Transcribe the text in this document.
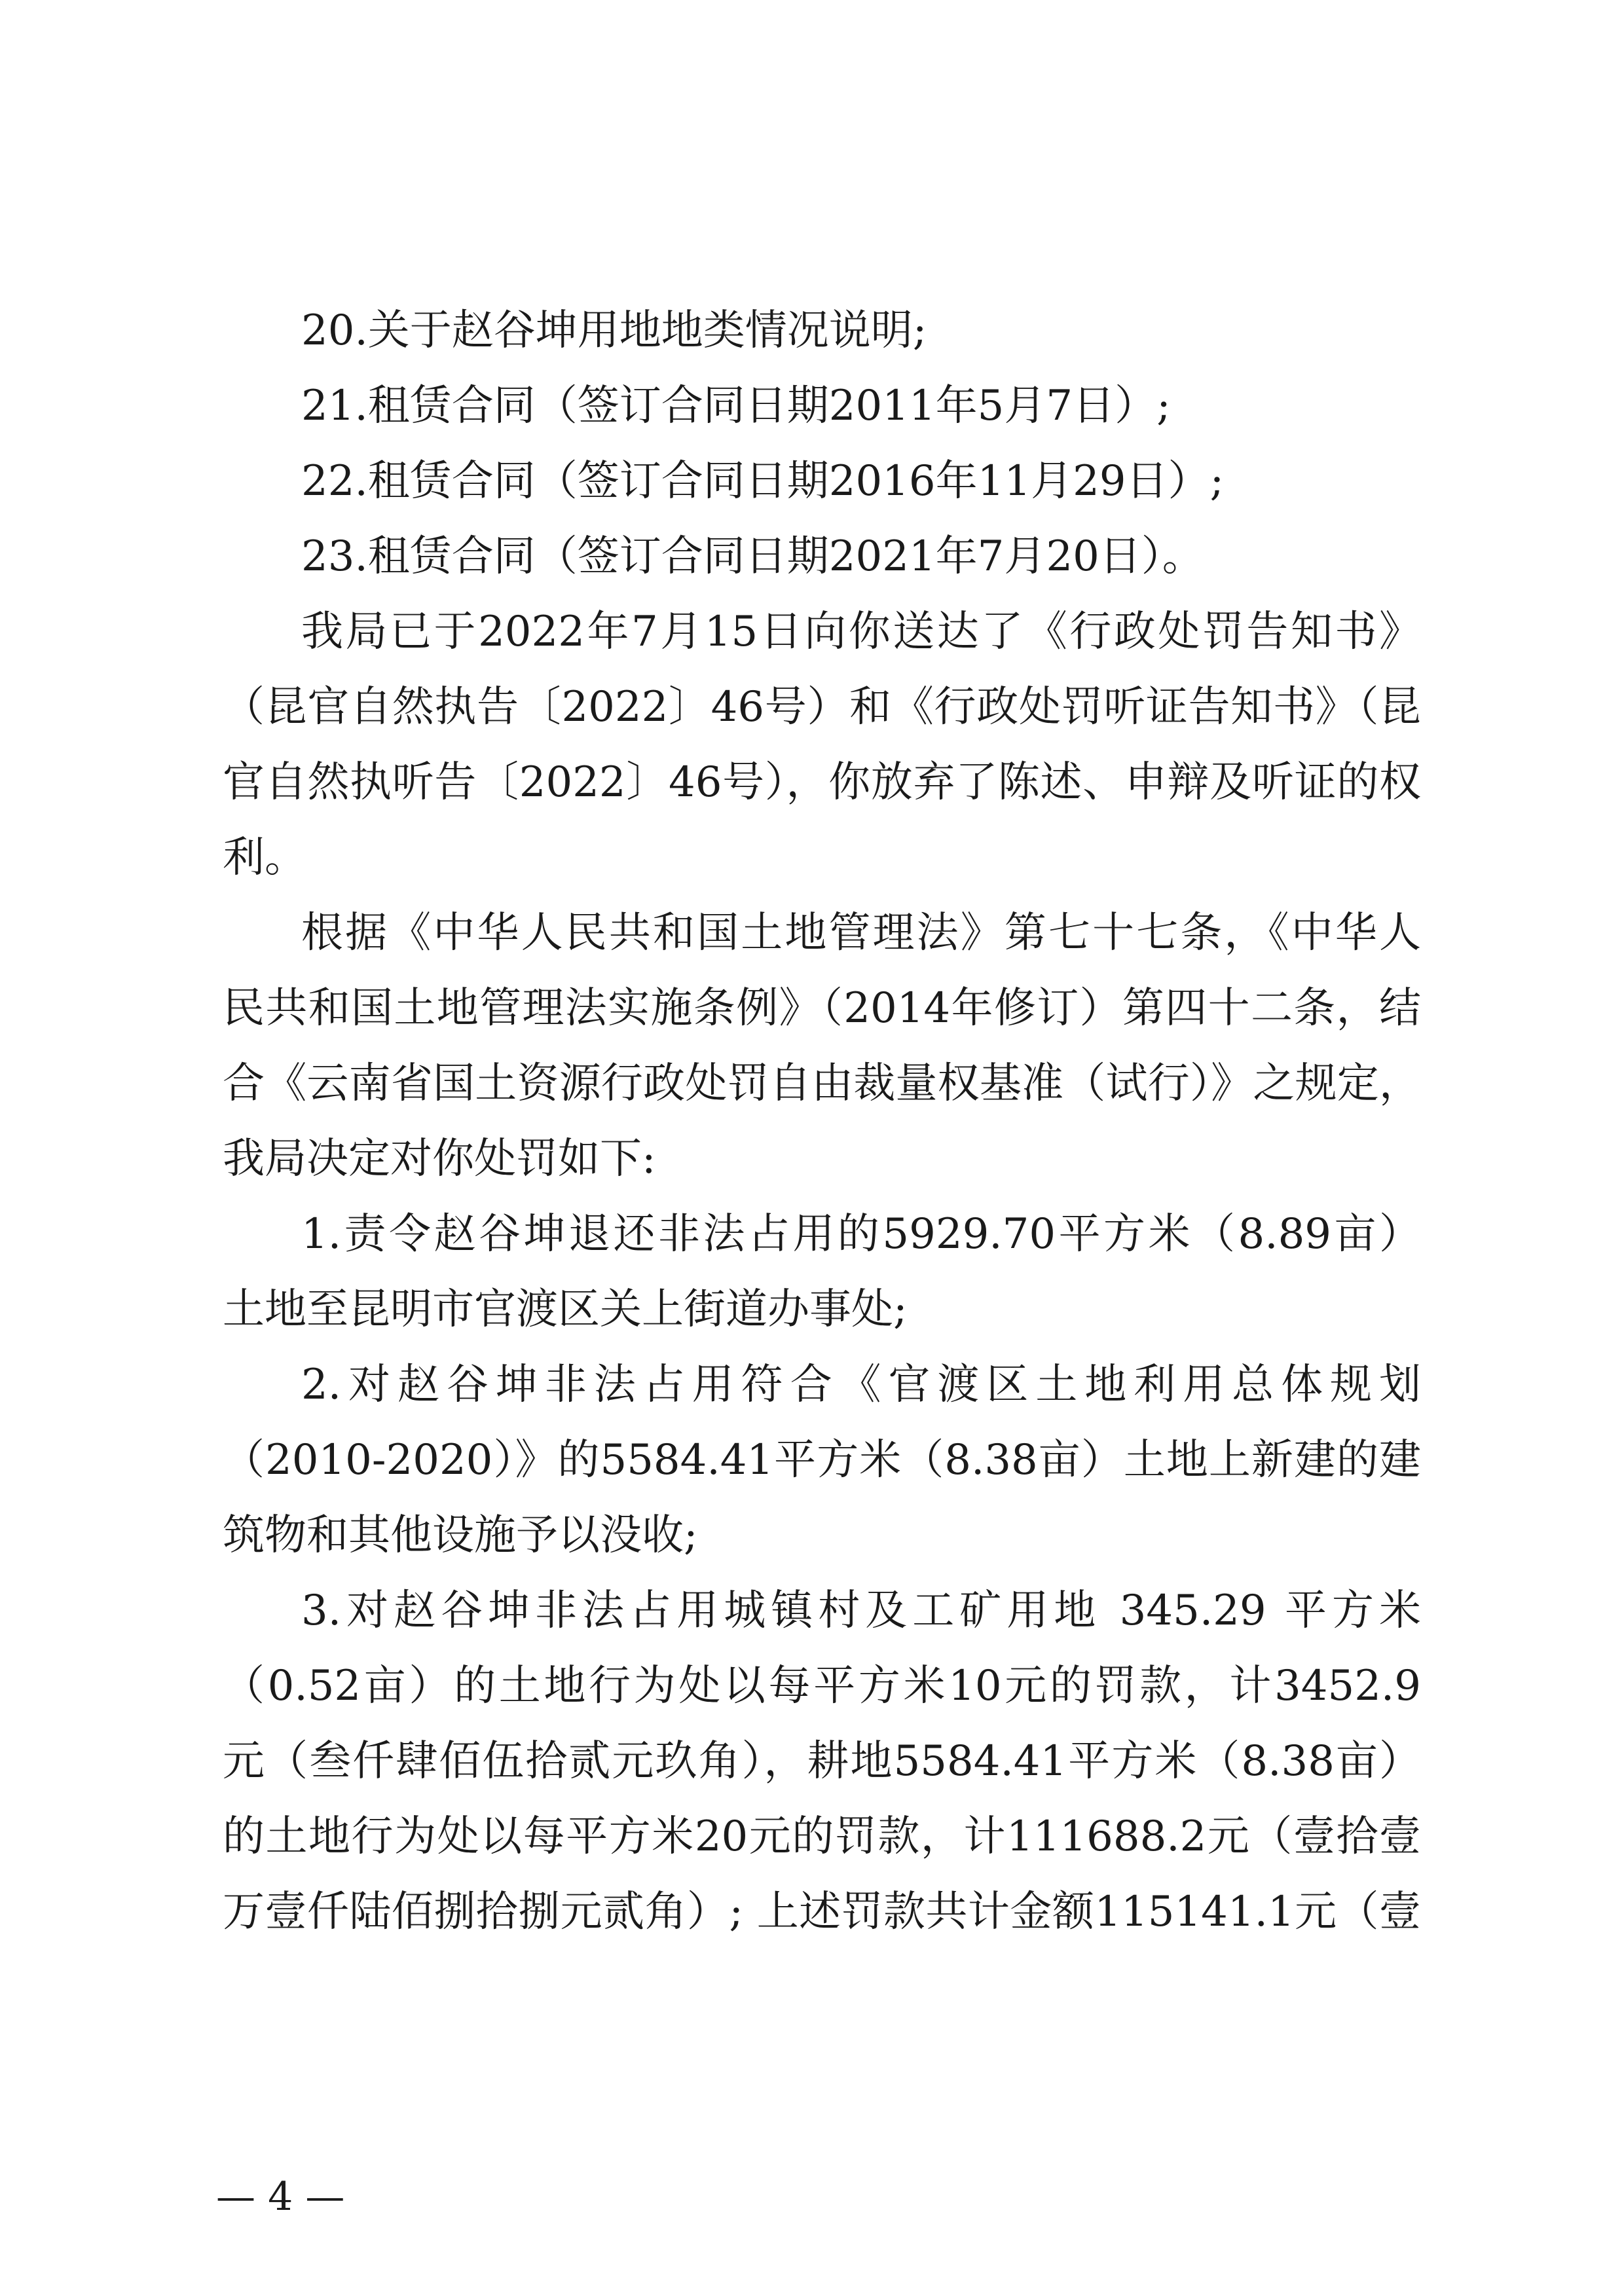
20.关于赵谷坤用地地类情况说明;
21.租赁合同（签订合同日期2011年5月7日）;
22.租赁合同（签订合同日期2016年11月29日）;
23.租赁合同（签订合同日期2021年7月20日）。
我局已于2022年7月15日向你送达了《行政处罚告知书》
（昆官自然执告〔2022〕46号）和《行政处罚听证告知书》（昆
官自然执听告〔2022〕46号），你放弃了陈述、申辩及听证的权
利。
根据《中华人民共和国土地管理法》第七十七条，《中华人
民共和国土地管理法实施条例》（2014年修订）第四十二条，结
合《云南省国土资源行政处罚自由裁量权基准（试行）》之规定，
我局决定对你处罚如下:
1.责令赵谷坤退还非法占用的5929.70平方米（8.89亩）
土地至昆明市官渡区关上街道办事处;
2.对赵谷坤非法占用符合《官渡区土地利用总体规划
（2010-2020）》的5584.41平方米（8.38亩）土地上新建的建
筑物和其他设施予以没收;
3.对赵谷坤非法占用城镇村及工矿用地 345.29 平方米
（0.52亩）的土地行为处以每平方米10元的罚款，计3452.9
元（叁仟肆佰伍拾贰元玖角），耕地5584.41平方米（8.38亩）
的土地行为处以每平方米20元的罚款，计111688.2元（壹拾壹
万壹仟陆佰捌拾捌元贰角）; 上述罚款共计金额115141.1元（壹
— 4 —
